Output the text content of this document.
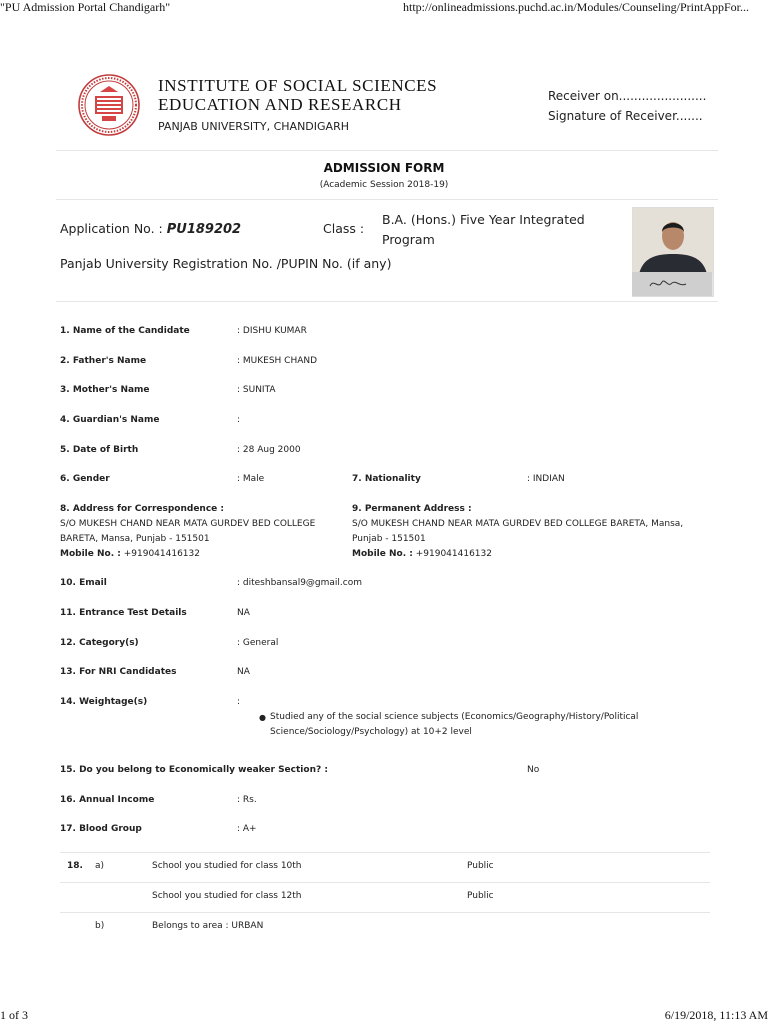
"PU Admission Portal Chandigarh"	http://onlineadmissions.puchd.ac.in/Modules/Counseling/PrintAppFor...
INSTITUTE OF SOCIAL SCIENCES
EDUCATION AND RESEARCH
PANJAB UNIVERSITY, CHANDIGARH
Receiver on.......................
Signature of Receiver.......
ADMISSION FORM
(Academic Session 2018-19)
Application No. : PU189202	Class :
B.A. (Hons.) Five Year Integrated Program
Panjab University Registration No. /PUPIN No. (if any)
1. Name of the Candidate	: DISHU KUMAR
2. Father's Name	: MUKESH CHAND
3. Mother's Name	: SUNITA
4. Guardian's Name	:
5. Date of Birth	: 28 Aug 2000
6. Gender	: Male	7. Nationality	: INDIAN
8. Address for Correspondence :
S/O MUKESH CHAND NEAR MATA GURDEV BED COLLEGE
BARETA, Mansa, Punjab - 151501
Mobile No. : +919041416132
9. Permanent Address :
S/O MUKESH CHAND NEAR MATA GURDEV BED COLLEGE BARETA, Mansa,
Punjab - 151501
Mobile No. : +919041416132
10. Email	: diteshbansal9@gmail.com
11. Entrance Test Details	NA
12. Category(s)	: General
13. For NRI Candidates	NA
14. Weightage(s)	:
● Studied any of the social science subjects (Economics/Geography/History/Political
Science/Sociology/Psychology) at 10+2 level
15. Do you belong to Economically weaker Section? :	No
16. Annual Income	: Rs.
17. Blood Group	: A+
18. a)	School you studied for class 10th	Public
School you studied for class 12th	Public
b)	Belongs to area : URBAN
1 of 3	6/19/2018, 11:13 AM
